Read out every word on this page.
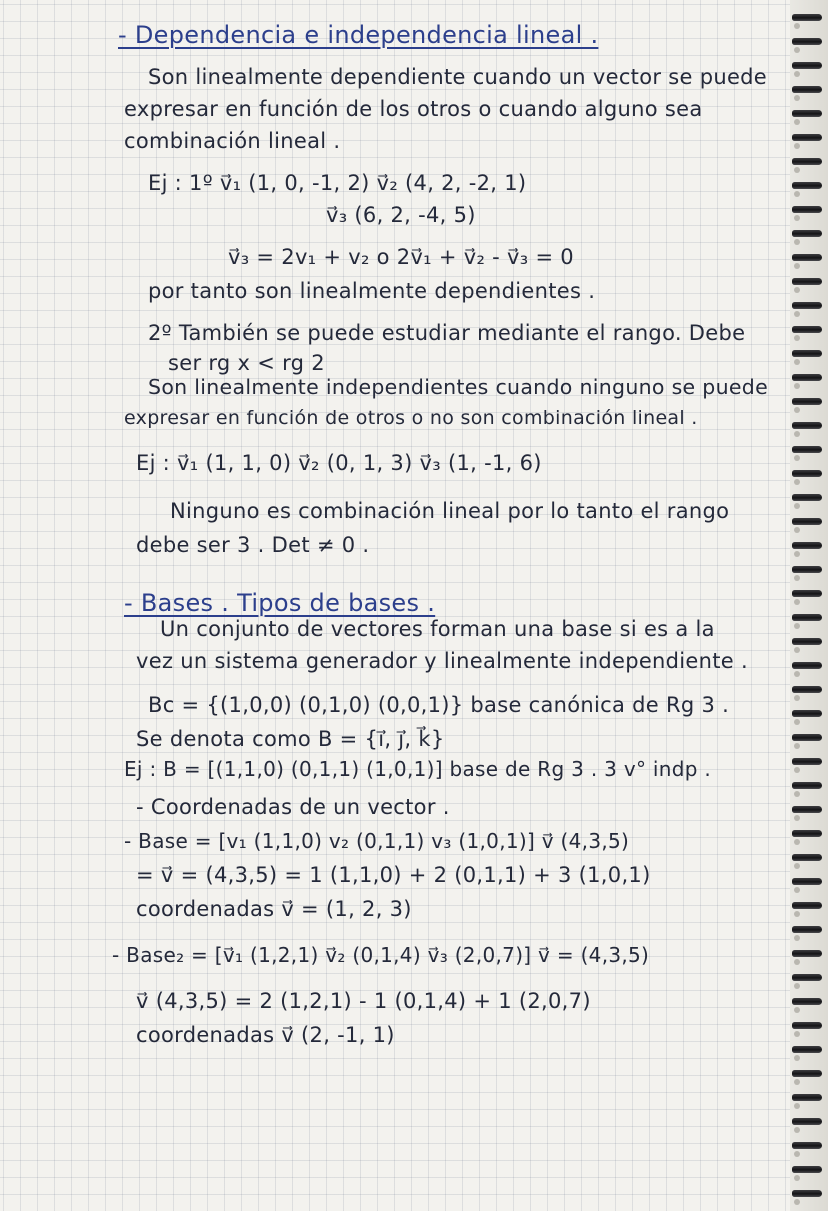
- Dependencia e independencia lineal .

Son linealmente dependiente cuando un vector se puede

expresar en función de los otros o cuando alguno sea

combinación lineal .

Ej : 1º v⃗₁ (1, 0, -1, 2) v⃗₂ (4, 2, -2, 1)

v⃗₃ (6, 2, -4, 5)

v⃗₃ = 2v₁ + v₂ o 2v⃗₁ + v⃗₂ - v⃗₃ = 0

por tanto son linealmente dependientes .

2º También se puede estudiar mediante el rango. Debe

ser rg x < rg 2

Son linealmente independientes cuando ninguno se puede

expresar en función de otros o no son combinación lineal .

Ej : v⃗₁ (1, 1, 0) v⃗₂ (0, 1, 3) v⃗₃ (1, -1, 6)

Ninguno es combinación lineal por lo tanto el rango

debe ser 3 . Det ≠ 0 .

- Bases . Tipos de bases .

Un conjunto de vectores forman una base si es a la

vez un sistema generador y linealmente independiente .

Bc = {(1,0,0) (0,1,0) (0,0,1)} base canónica de Rg 3 .

Se denota como B = {i⃗, j⃗, k⃗}

Ej : B = [(1,1,0) (0,1,1) (1,0,1)] base de Rg 3 . 3 v° indp .

- Coordenadas de un vector .

- Base = [v₁ (1,1,0) v₂ (0,1,1) v₃ (1,0,1)] v⃗ (4,3,5)

= v⃗ = (4,3,5) = 1 (1,1,0) + 2 (0,1,1) + 3 (1,0,1)

coordenadas v⃗ = (1, 2, 3)

- Base₂ = [v⃗₁ (1,2,1) v⃗₂ (0,1,4) v⃗₃ (2,0,7)] v⃗ = (4,3,5)

v⃗ (4,3,5) = 2 (1,2,1) - 1 (0,1,4) + 1 (2,0,7)

coordenadas v⃗ (2, -1, 1)
